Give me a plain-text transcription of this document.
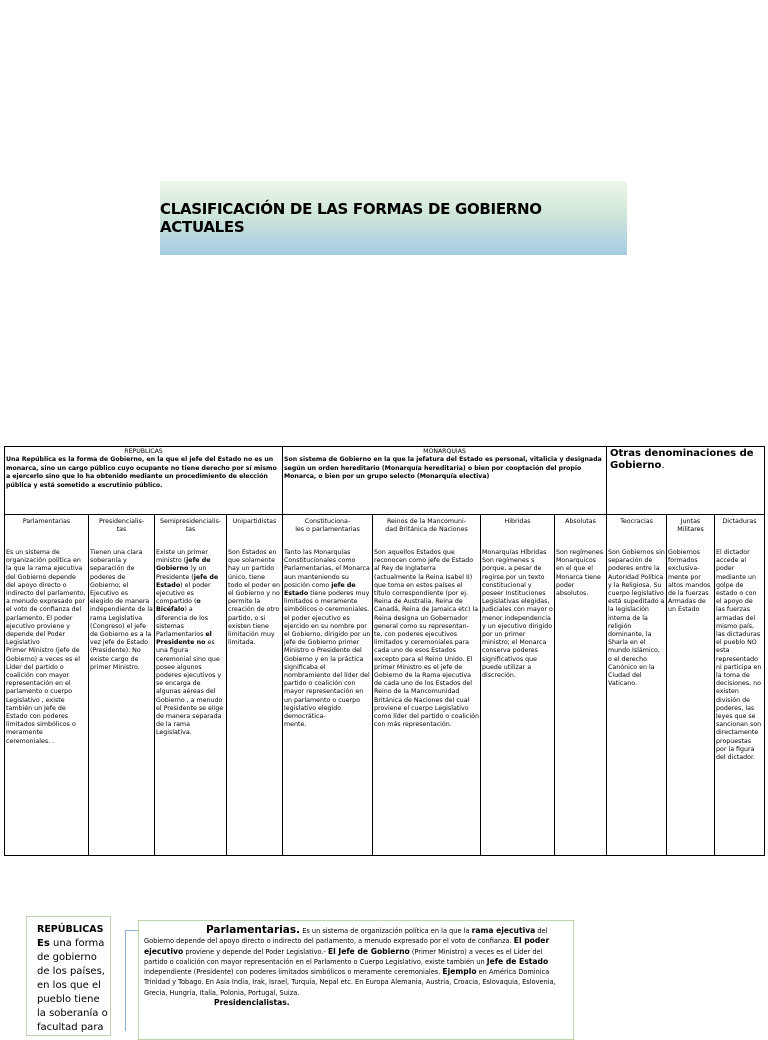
CLASIFICACIÓN DE LAS FORMAS DE GOBIERNO ACTUALES
REPUBLICAS

Una República es la forma de Gobierno, en la que el jefe del Estado no es un monarca, sino un cargo público cuyo ocupante no tiene derecho por sí mismo a ejercerlo sino que lo ha obtenido mediante un procedimiento de elección pública y está sometido a escrutinio público.

MONARQUIAS

Son sistema de Gobierno en la que la jefatura del Estado es personal, vitalicia y designada según un orden hereditario (Monarquía hereditaria) o bien por cooptación del propio Monarca, o bien por un grupo selecto (Monarquía electiva)

Otras denominaciones de Gobierno.
Parlamentarias
Es un sistema de organización política en la que la rama ejecutiva del Gobierno depende del apoyo directo o indirecto del parlamento, a menudo expresado por el voto de confianza del parlamento. El poder ejecutivo proviene y depende del Poder Legislativo
Primer Ministro (jefe de Gobierno) a veces es el Líder del partido o coalición con mayor representación en el parlamento o cuerpo Legislativo , existe también un Jefe de Estado con poderes limitados simbólicos o meramente ceremoniales. .
Presidencialis-
tas
Tienen una clara soberanía y separación de poderes de Gobierno; el Ejecutivo es elegido de manera independiente de la rama Legislativa (Congreso) el jefe de Gobierno es a la vez jefe de Estado (Presidente). No existe cargo de primer Ministro.
Semipresidencialis-
tas
Existe un primer ministro (jefe de Gobierno )y un Presidente (jefe de Estado) el poder ejecutivo es compartido (o Bicéfalo) a diferencia de los sistemas Parlamentarios el Presidente no es una figura ceremonial sino que posee algunos poderes ejecutivos y se encarga de algunas aéreas del Gobierno , a menudo el Presidente se elige de manera separada de la rama Legislativa.
Unipartidistas
Son Estados en que solamente hay un partido único, tiene todo el poder en el Gobierno y no permite la creación de otro partido, o si existen tiene limitación muy limitada.
Constituciona-
les o parlamentarias
Tanto las Monarquías Constitucionales como Parlamentarias, el Monarca aun manteniendo su posición como jefe de Estado tiene poderes muy limitados o meramente simbólicos o ceremoniales. el poder ejecutivo es ejercido en su nombre por el Gobierno, dirigido por un jefe de Gobierno primer Ministro o Presidente del Gobierno y en la práctica significaba el nombramiento del líder del partido o coalición con mayor representación en un parlamento o cuerpo legislativo elegido democrática-
mente.
Reinos de la Mancomuni-
dad Británica de Naciones
Son aquellos Estados que reconocen como jefe de Estado al Rey de Inglaterra (actualmente la Reina Isabel II) que toma en estos países el título correspondiente (por ej. Reina de Australia, Reina de Canadá, Reina de Jamaica etc) la Reina designa un Gobernador general como su representan-
te, con poderes ejecutivos limitados y ceremoniales para cada uno de esos Estados excepto para el Reino Unido. El primer Ministro es el jefe de Gobierno de la Rama ejecutiva de cada uno de los Estados del Reino de la Mancomunidad Británica de Naciones del cual proviene el cuerpo Legislativo como líder del partido o coalición con más representación.
Hibridas
Monarquías Híbridas Son regímenes s porque, a pesar de regirse por un texto constitucional y poseer Instituciones Legislativas elegidas, Judiciales con mayor o menor independencia y un ejecutivo dirigido por un primer ministro; el Monarca conserva poderes significativos que puede utilizar a discreción.
Absolutas
Son regímenes Monarquicos en el que el Monarca tiene poder absolutos.
Teocracias
Son Gobiernos sin separación de poderes entre la Autoridad Política y la Religiosa. Su cuerpo legislativo está supeditado a la legislación interna de la religión dominante, la Sharía en el mundo Islámico, o el derecho Canónico en la Ciudad del Vaticano.
Juntas
Militares
Gobiernos formados exclusiva-
mente por altos mandos de la fuerzas Armadas de un Estado
Dictaduras
El dictador accede al poder mediante un golpe de estado o con el apoyo de las fuerzas armadas del mismo país, las dictaduras el pueblo NO esta representado ni participa en la toma de decisiones, no existen división de poderes, las leyes que se sancionan son directamente propuestas por la figura del dictador.
REPÚBLICAS
Es una forma de gobierno de los países, en los que el pueblo tiene la soberanía o facultad para
Parlamentarias. Es un sistema de organización política en la que la rama ejecutiva del Gobierno depende del apoyo directo o indirecto del parlamento, a menudo expresado por el voto de confianza. El poder ejecutivo proviene y depende del Poder Legislativo.- El Jefe de Gobierno (Primer Ministro) a veces es el Líder del partido o coalición con mayor representación en el Parlamento o Cuerpo Legislativo, existe también un Jefe de Estado independiente (Presidente) con poderes limitados simbólicos o meramente ceremoniales. Ejemplo en América Dominica Trinidad y Tobago. En Asia India, Irak, Israel, Turquía, Nepal etc. En Europa Alemania, Austria, Croacia, Eslovaquia, Eslovenia, Grecia, Hungría, Italia, Polonia, Portugal, Suiza.
Presidencialistas.
